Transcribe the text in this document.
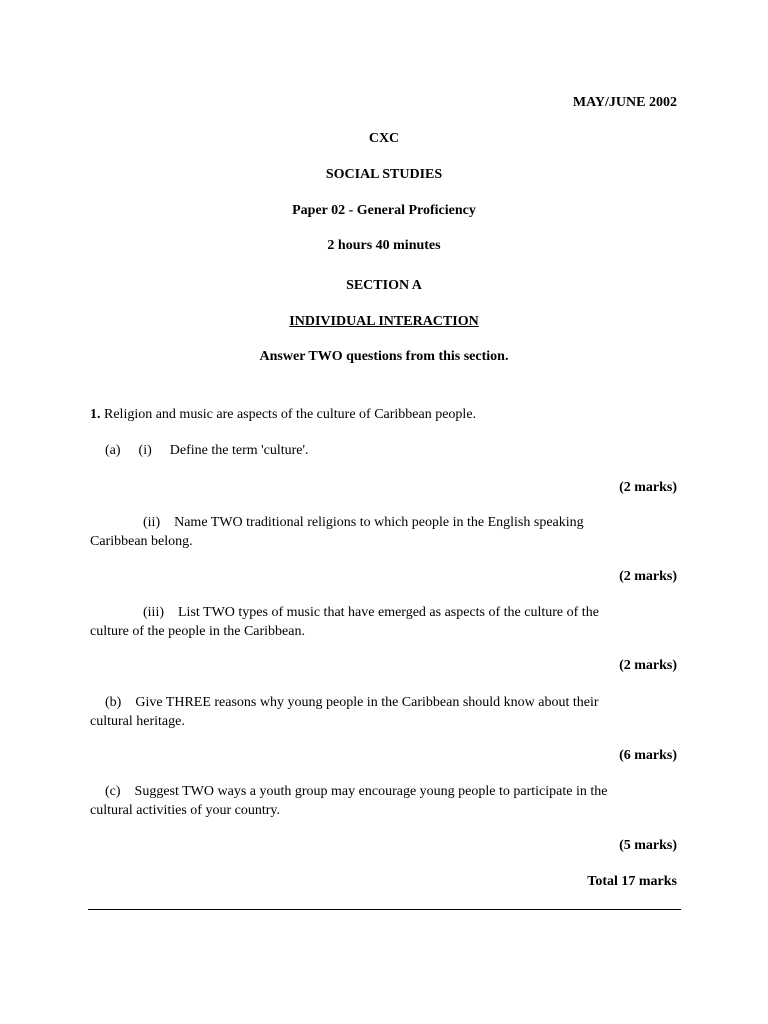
MAY/JUNE 2002
CXC
SOCIAL STUDIES
Paper 02 - General Proficiency
2 hours 40 minutes
SECTION A
INDIVIDUAL INTERACTION
Answer TWO questions from this section.
1. Religion and music are aspects of the culture of Caribbean people.
(a) (i) Define the term 'culture'.
(2 marks)
(ii) Name TWO traditional religions to which people in the English speaking
Caribbean belong.
(2 marks)
(iii) List TWO types of music that have emerged as aspects of the culture of the
culture of the people in the Caribbean.
(2 marks)
(b) Give THREE reasons why young people in the Caribbean should know about their
cultural heritage.
(6 marks)
(c) Suggest TWO ways a youth group may encourage young people to participate in the
cultural activities of your country.
(5 marks)
Total 17 marks
